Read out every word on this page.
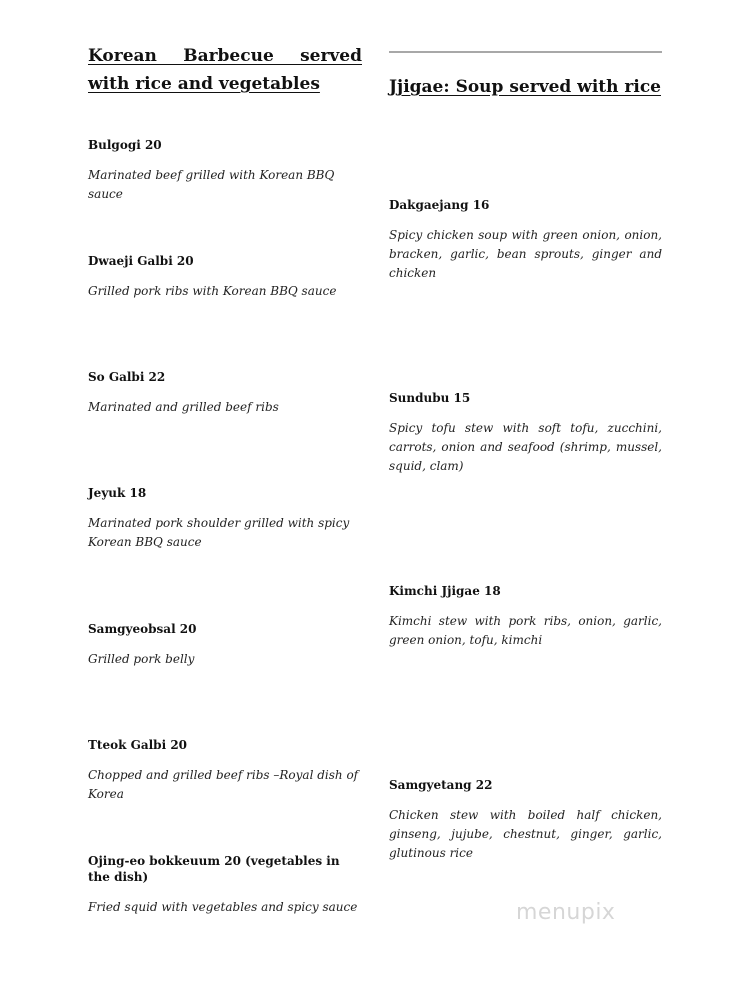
Korean Barbecue served with rice and vegetables
Bulgogi 20
Marinated beef grilled with Korean BBQ sauce
Dwaeji Galbi 20
Grilled pork ribs with Korean BBQ sauce
So Galbi 22
Marinated and grilled beef ribs
Jeyuk 18
Marinated pork shoulder grilled with spicy Korean BBQ sauce
Samgyeobsal 20
Grilled pork belly
Tteok Galbi 20
Chopped and grilled beef ribs –Royal dish of Korea
Ojing-eo bokkeuum 20 (vegetables in the dish)
Fried squid with vegetables and spicy sauce
Jjigae: Soup served with rice
Dakgaejang 16
Spicy chicken soup with green onion, onion, bracken, garlic, bean sprouts, ginger and chicken
Sundubu 15
Spicy tofu stew with soft tofu, zucchini, carrots, onion and seafood (shrimp, mussel, squid, clam)
Kimchi Jjigae 18
Kimchi stew with pork ribs, onion, garlic, green onion, tofu, kimchi
Samgyetang 22
Chicken stew with boiled half chicken, ginseng, jujube, chestnut, ginger, garlic, glutinous rice
menupix
